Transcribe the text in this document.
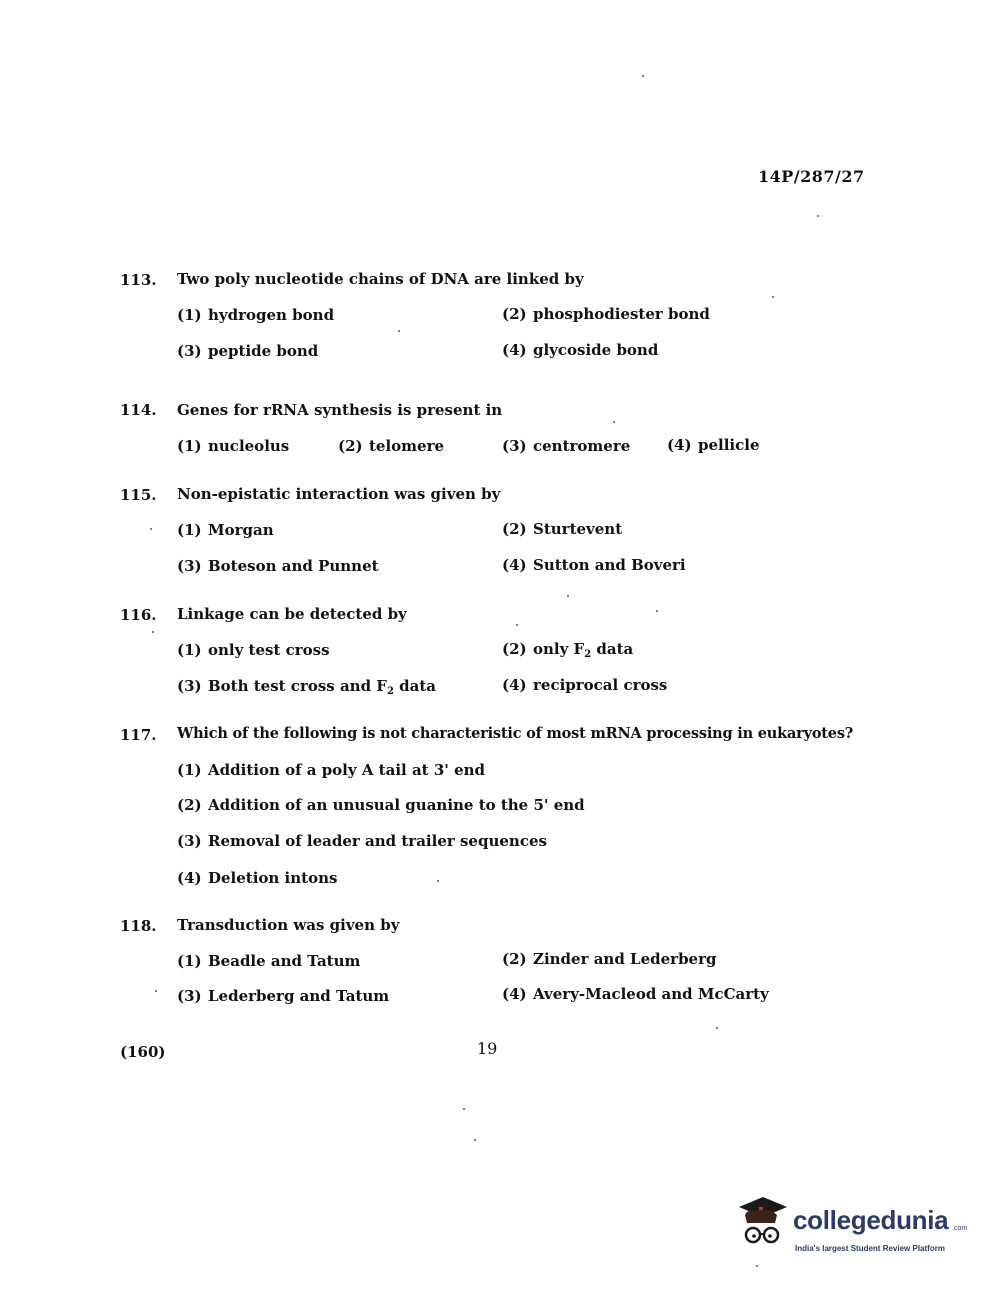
14P/287/27
113. Two poly nucleotide chains of DNA are linked by
(1) hydrogen bond	(2) phosphodiester bond
(3) peptide bond	(4) glycoside bond
114. Genes for rRNA synthesis is present in
(1) nucleolus	(2) telomere	(3) centromere (4) pellicle
115. Non-epistatic interaction was given by
(1) Morgan	(2) Sturtevent
(3) Boteson and Punnet	(4) Sutton and Boveri
116. Linkage can be detected by
(1) only test cross	(2) only $F_2$ data
(3) Both test cross and $F_2$ data	(4) reciprocal cross
117. Which of the following is not characteristic of most mRNA processing in eukaryotes?
(1) Addition of a poly A tail at 3' end
(2) Addition of an unusual guanine to the 5' end
(3) Removal of leader and trailer sequences
(4) Deletion intons
118. Transduction was given by
(1) Beadle and Tatum	(2) Zinder and Lederberg
(3) Lederberg and Tatum	(4) Avery-Macleod and McCarty
(160)	19
collegedunia .com
India's largest Student Review Platform
